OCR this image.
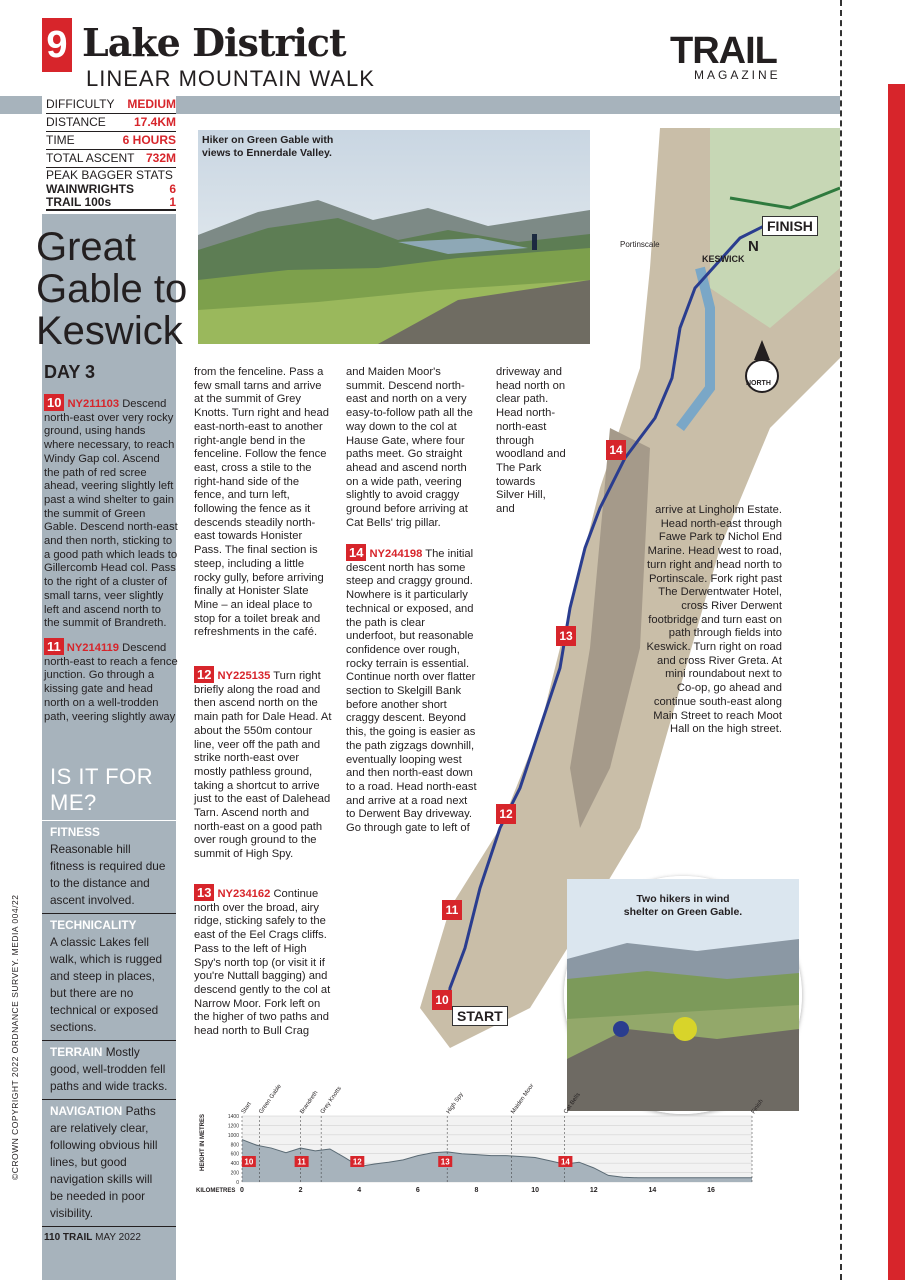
9 Lake District
LINEAR MOUNTAIN WALK
TRAIL
MAGAZINE
DIFFICULTY MEDIUM
DISTANCE 17.4KM
TIME	6 HOURS
TOTAL ASCENT 732M
PEAK BAGGER STATS
WAINWRIGHTS	6
TRAIL 100s	1
Great
Gable to
Keswick
DAY 3
Hiker on Green Gable with views to Ennerdale Valley.
N
NORTH
FINISH
KESWICK
Portinscale
START
10
11
12
13
14
10 NY211103 Descend north-east over very rocky ground, using hands where necessary, to reach Windy Gap col. Ascend the path of red scree ahead, veering slightly left past a wind shelter to gain the summit of Green Gable. Descend north-east and then north, sticking to a good path which leads to Gillercomb Head col. Pass to the right of a cluster of small tarns, veer slightly left and ascend north to the summit of Brandreth.
11 NY214119 Descend north-east to reach a fence junction. Go through a kissing gate and head north on a well-trodden path, veering slightly away
from the fenceline. Pass a few small tarns and arrive at the summit of Grey Knotts. Turn right and head east-north-east to another right-angle bend in the fenceline. Follow the fence east, cross a stile to the right-hand side of the fence, and turn left, following the fence as it descends steadily north-east towards Honister Pass. The final section is steep, including a little rocky gully, before arriving finally at Honister Slate Mine – an ideal place to stop for a toilet break and refreshments in the café.
12 NY225135 Turn right briefly along the road and then ascend north on the main path for Dale Head. At about the 550m contour line, veer off the path and strike north-east over mostly pathless ground, taking a shortcut to arrive just to the east of Dalehead Tarn. Ascend north and north-east on a good path over rough ground to the summit of High Spy.
13 NY234162 Continue north over the broad, airy ridge, sticking safely to the east of the Eel Crags cliffs. Pass to the left of High Spy's north top (or visit it if you're Nuttall bagging) and descend gently to the col at Narrow Moor. Fork left on the higher of two paths and head north to Bull Crag
and Maiden Moor's summit. Descend north-east and north on a very easy-to-follow path all the way down to the col at Hause Gate, where four paths meet. Go straight ahead and ascend north on a wide path, veering slightly to avoid craggy ground before arriving at Cat Bells' trig pillar.
14 NY244198 The initial descent north has some steep and craggy ground. Nowhere is it particularly technical or exposed, and the path is clear underfoot, but reasonable confidence over rough, rocky terrain is essential. Continue north over flatter section to Skelgill Bank before another short craggy descent. Beyond this, the going is easier as the path zigzags downhill, eventually looping west and then north-east down to a road. Head north-east and arrive at a road next to Derwent Bay driveway. Go through gate to left of
driveway and head north on clear path. Head north-north-east through woodland and The Park towards Silver Hill, and	arrive at Lingholm Estate. Head north-east through Fawe Park to Nichol End Marine. Head west to road, turn right and head north to Portinscale. Fork right past The Derwentwater Hotel, cross River Derwent footbridge and turn east on path through fields into Keswick. Turn right on road and cross River Greta. At mini roundabout next to Co-op, go ahead and continue south-east along Main Street to reach Moot Hall on the high street.
Two hikers in wind shelter on Green Gable.
IS IT FOR ME?
FITNESS
Reasonable hill fitness is required due to the distance and ascent involved.
TECHNICALITY
A classic Lakes fell walk, which is rugged and steep in places, but there are no technical or exposed sections.
TERRAIN Mostly good, well-trodden fell paths and wide tracks.
NAVIGATION Paths are relatively clear, following obvious hill lines, but good navigation skills will be needed in poor visibility.
1400
1200
1000
800
600
400
200
0
0	2	4	6	8	10	12	14	16
KILOMETRES
HEIGHT IN METRES
Start Green Gable	Brandreth Grey Knotts	High Spy	Maiden Moor	Cat Bells	Finish
10	11	12	13	14
110 TRAIL MAY 2022
©CROWN COPYRIGHT 2022 ORDNANCE SURVEY. MEDIA 004/22
